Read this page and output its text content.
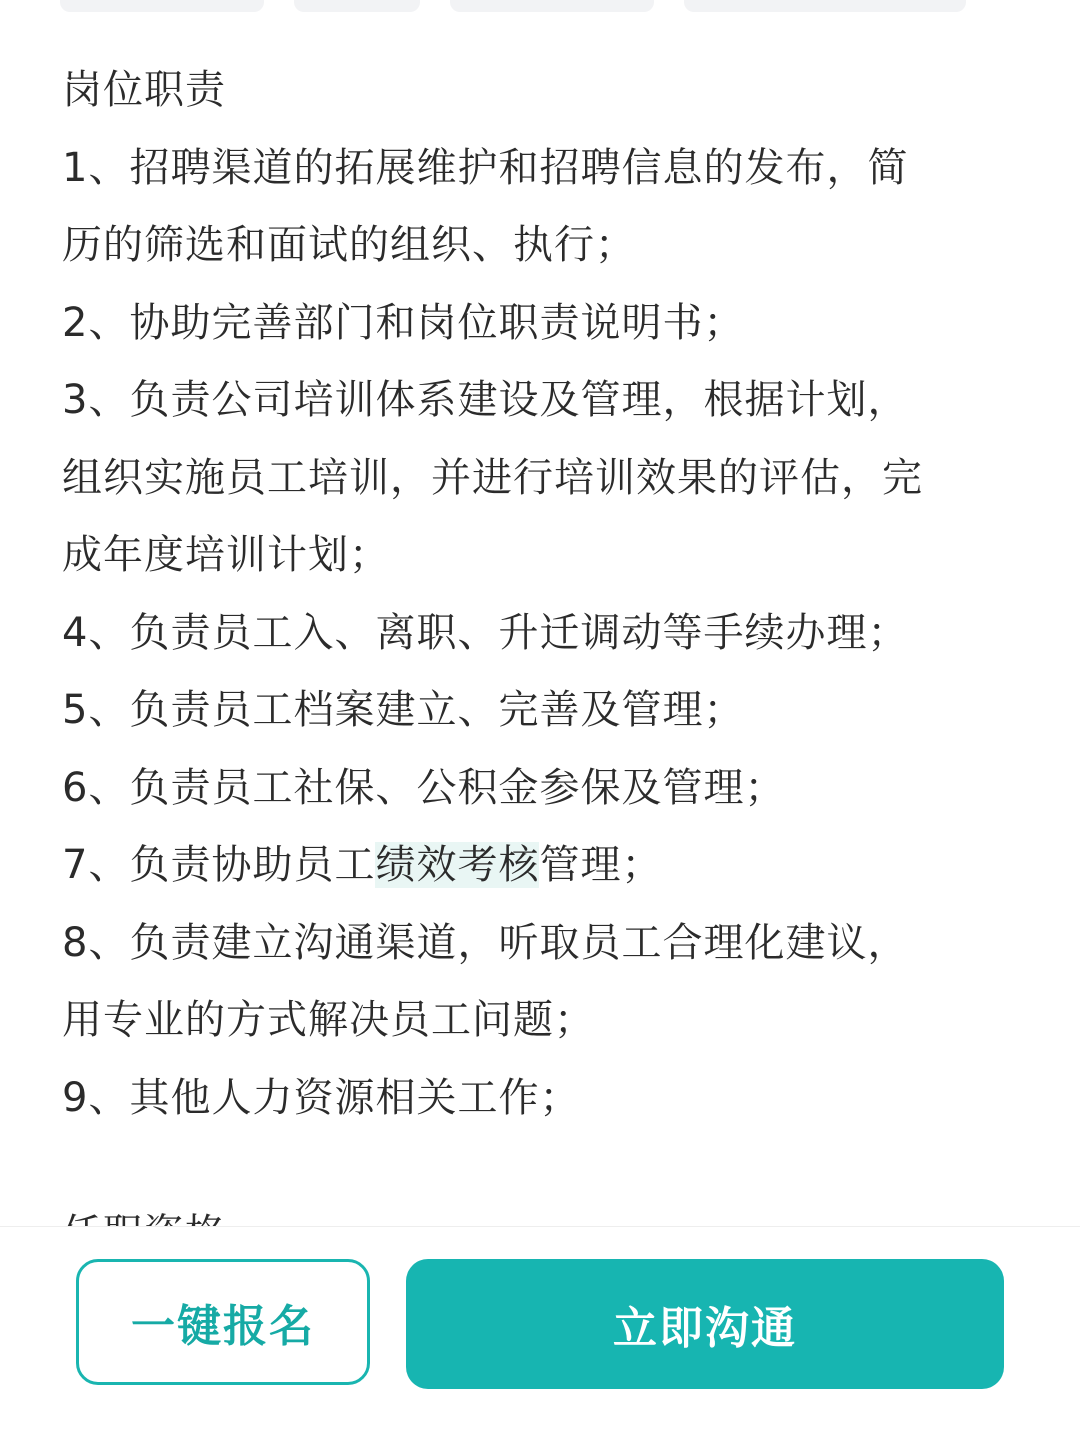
岗位职责
1、招聘渠道的拓展维护和招聘信息的发布，简
历的筛选和面试的组织、执行；
2、协助完善部门和岗位职责说明书；
3、负责公司培训体系建设及管理，根据计划，
组织实施员工培训，并进行培训效果的评估，完
成年度培训计划；
4、负责员工入、离职、升迁调动等手续办理；
5、负责员工档案建立、完善及管理；
6、负责员工社保、公积金参保及管理；
7、负责协助员工绩效考核管理；
8、负责建立沟通渠道，听取员工合理化建议，
用专业的方式解决员工问题；
9、其他人力资源相关工作；
一键报名	立即沟通
